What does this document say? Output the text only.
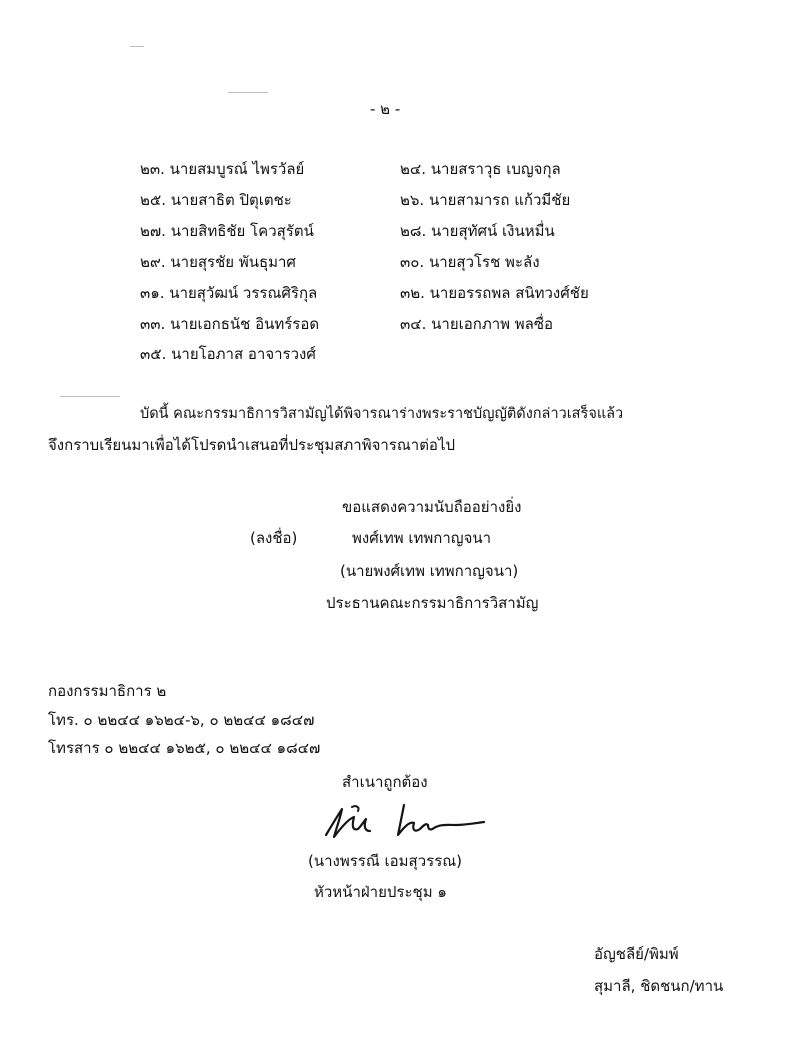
- ๒ -
๒๓. นายสมบูรณ์ ไพรวัลย์
๒๕. นายสาธิต ปิตุเตชะ
๒๗. นายสิทธิชัย โควสุรัตน์
๒๙. นายสุรชัย พันธุมาศ
๓๑. นายสุวัฒน์ วรรณศิริกุล
๓๓. นายเอกธนัช อินทร์รอด
๓๕. นายโอภาส อาจารวงศ์
๒๔. นายสราวุธ เบญจกุล
๒๖. นายสามารถ แก้วมีชัย
๒๘. นายสุทัศน์ เงินหมื่น
๓๐. นายสุวโรช พะลัง
๓๒. นายอรรถพล สนิทวงศ์ชัย
๓๔. นายเอกภาพ พลซื่อ
บัดนี้ คณะกรรมาธิการวิสามัญได้พิจารณาร่างพระราชบัญญัติดังกล่าวเสร็จแล้ว
จึงกราบเรียนมาเพื่อได้โปรดนำเสนอที่ประชุมสภาพิจารณาต่อไป
ขอแสดงความนับถืออย่างยิ่ง
(ลงชื่อ)	พงศ์เทพ เทพกาญจนา
(นายพงศ์เทพ เทพกาญจนา)
ประธานคณะกรรมาธิการวิสามัญ
กองกรรมาธิการ ๒
โทร. ๐ ๒๒๔๔ ๑๖๒๔-๖, ๐ ๒๒๔๔ ๑๘๔๗
โทรสาร ๐ ๒๒๔๔ ๑๖๒๕, ๐ ๒๒๔๔ ๑๘๔๗
สำเนาถูกต้อง
(นางพรรณี เอมสุวรรณ)
หัวหน้าฝ่ายประชุม ๑
อัญชลีย์/พิมพ์
สุมาลี, ชิดชนก/ทาน
